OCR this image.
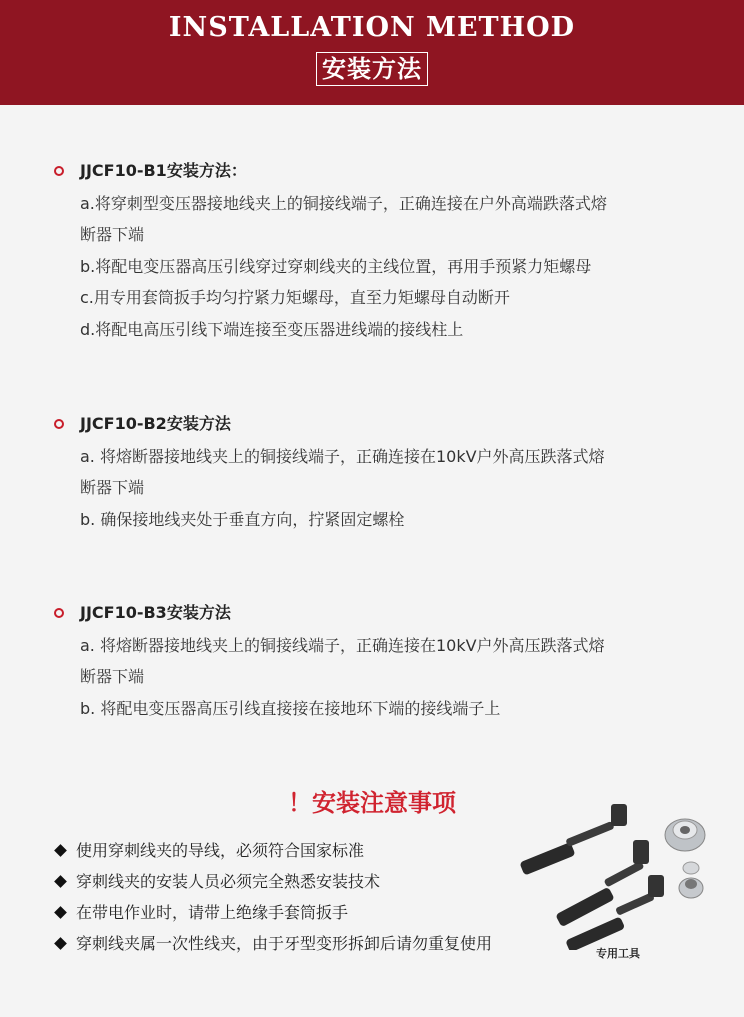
INSTALLATION METHOD
安装方法
JJCF10-B1安装方法：
a.将穿刺型变压器接地线夹上的铜接线端子，正确连接在户外高端跌落式熔
断器下端
b.将配电变压器高压引线穿过穿刺线夹的主线位置，再用手预紧力矩螺母
c.用专用套筒扳手均匀拧紧力矩螺母，直至力矩螺母自动断开
d.将配电高压引线下端连接至变压器进线端的接线柱上
JJCF10-B2安装方法
a. 将熔断器接地线夹上的铜接线端子，正确连接在10kV户外高压跌落式熔
断器下端
b. 确保接地线夹处于垂直方向，拧紧固定螺栓
JJCF10-B3安装方法
a. 将熔断器接地线夹上的铜接线端子，正确连接在10kV户外高压跌落式熔
断器下端
b. 将配电变压器高压引线直接接在接地环下端的接线端子上
！安装注意事项
使用穿刺线夹的导线，必须符合国家标准
穿刺线夹的安装人员必须完全熟悉安装技术
在带电作业时，请带上绝缘手套筒扳手
穿刺线夹属一次性线夹，由于牙型变形拆卸后请勿重复使用
专用工具
